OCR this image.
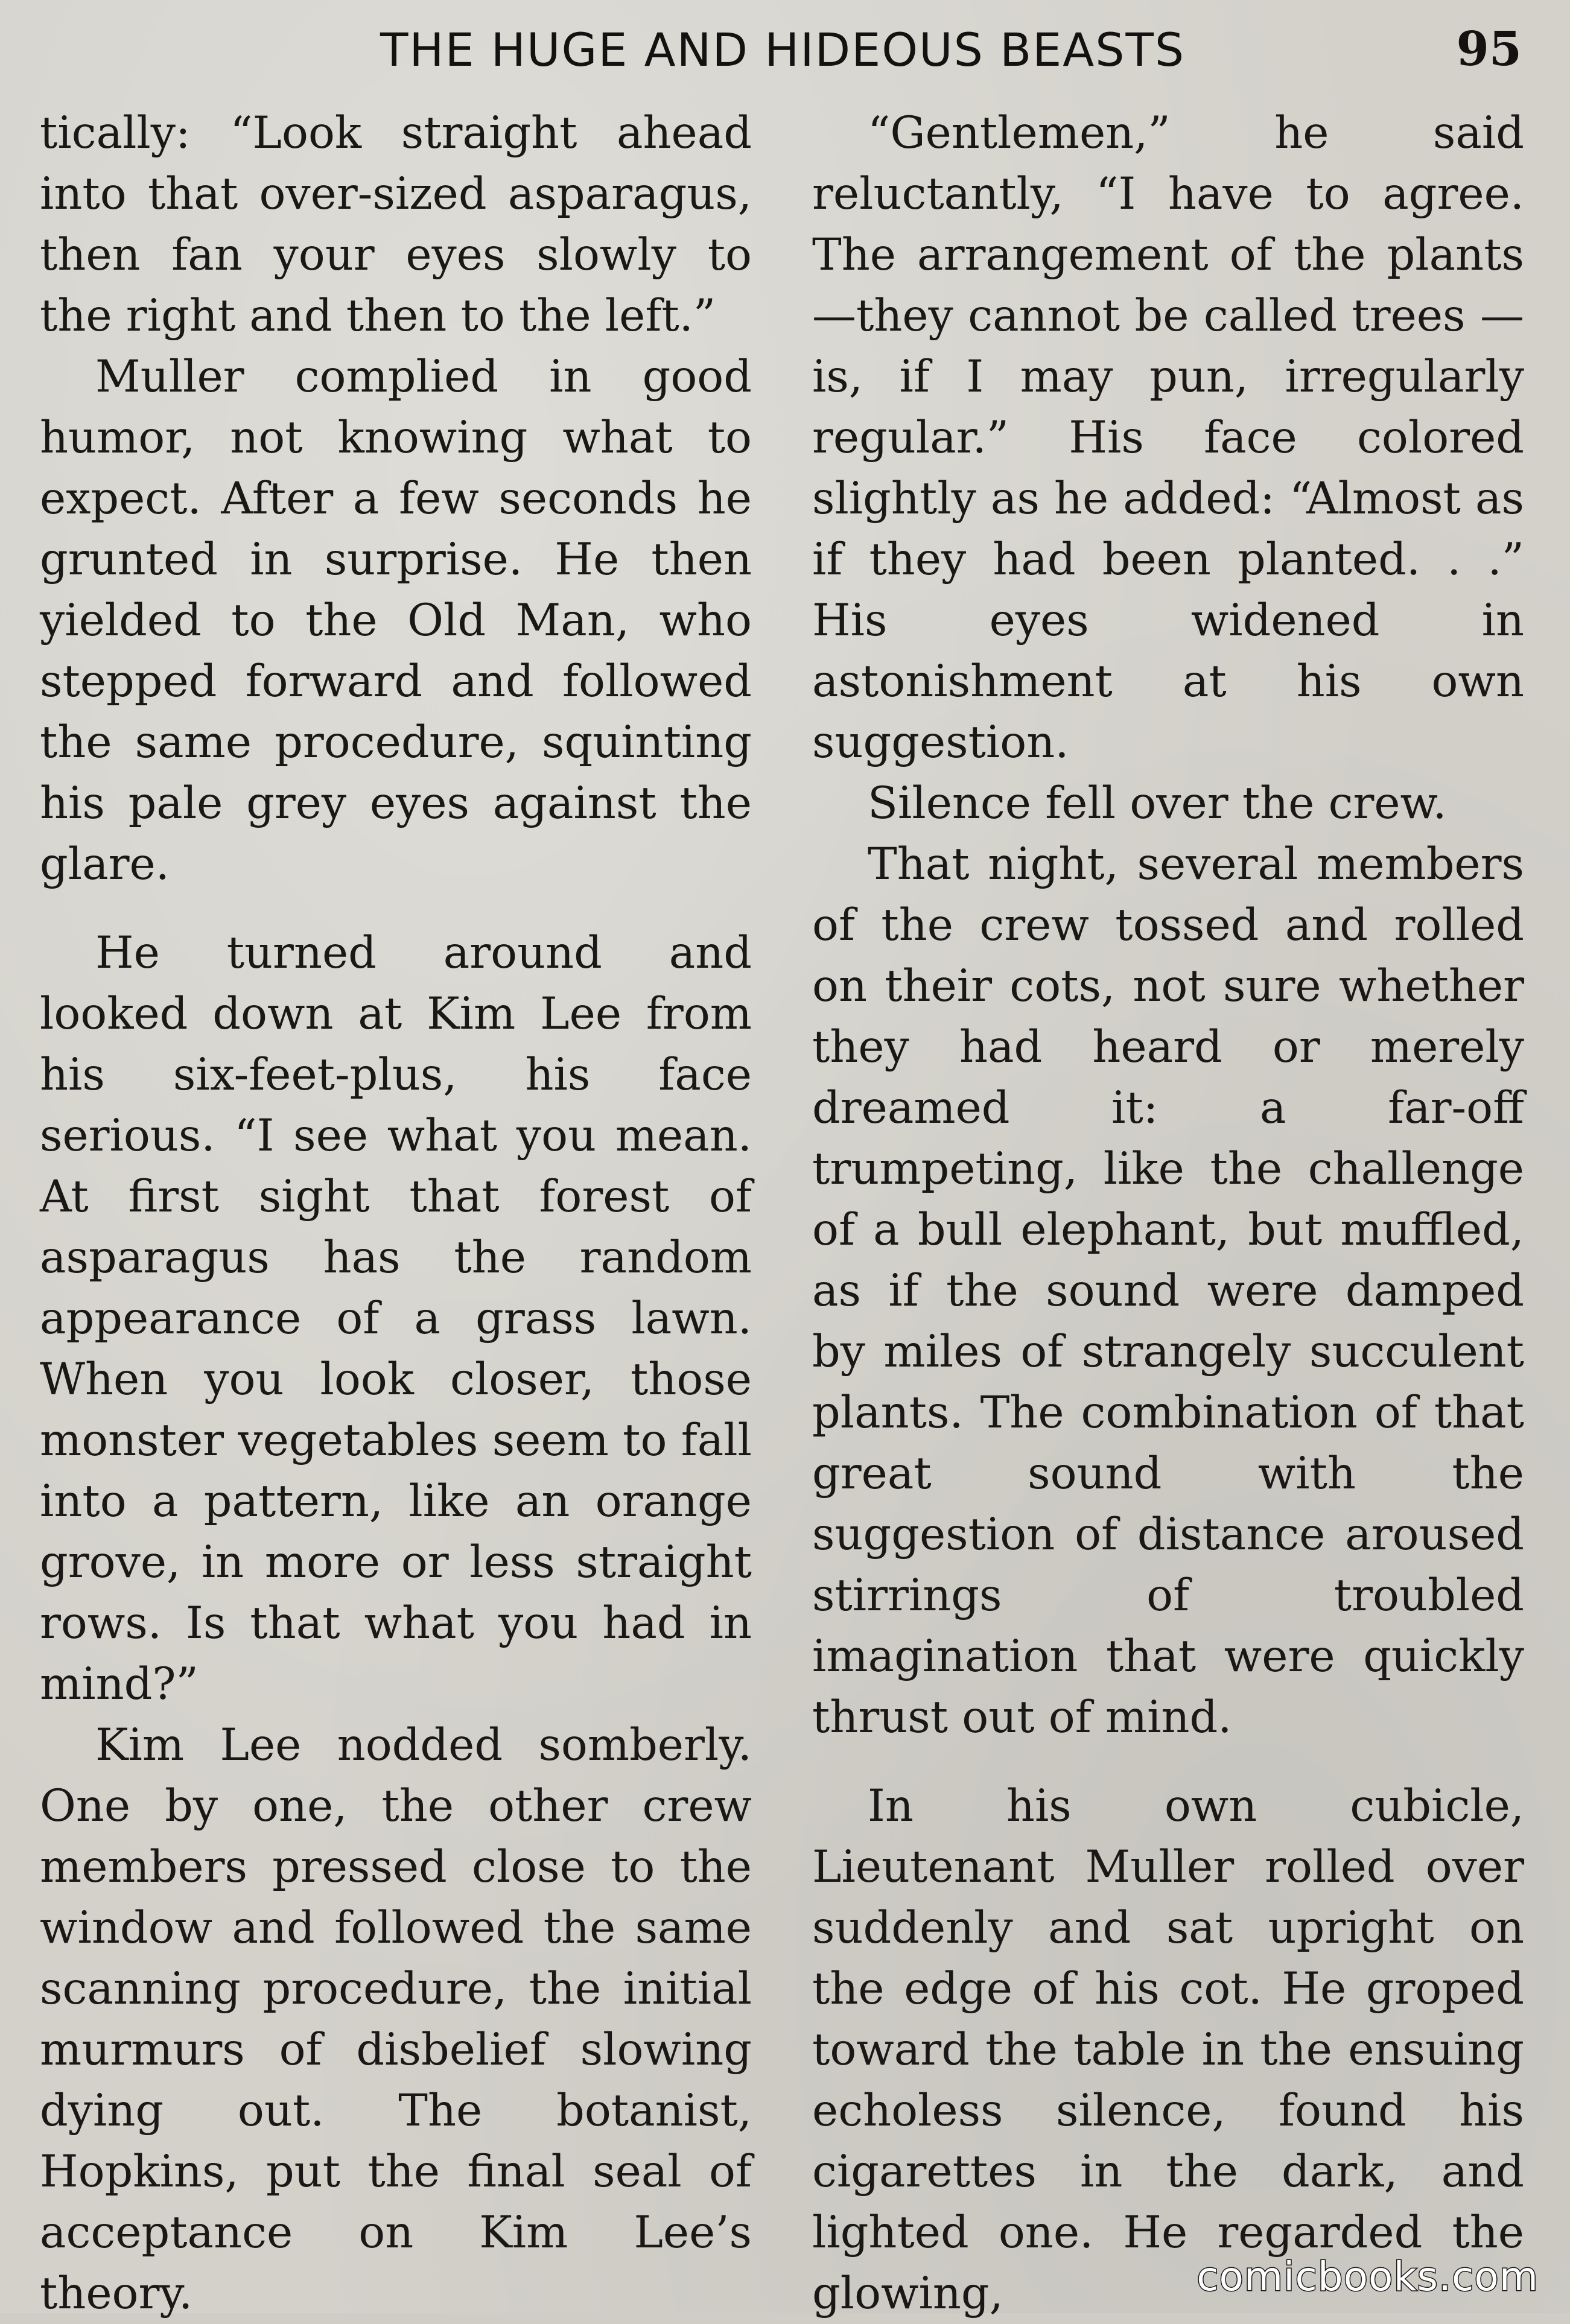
THE HUGE AND HIDEOUS BEASTS	95

tically: “Look straight ahead into that over-sized asparagus, then fan your eyes slowly to the right and then to the left.”

Muller complied in good humor, not knowing what to expect. After a few seconds he grunted in surprise. He then yielded to the Old Man, who stepped forward and followed the same procedure, squinting his pale grey eyes against the glare.

He turned around and looked down at Kim Lee from his six-feet-plus, his face serious. “I see what you mean. At first sight that forest of asparagus has the random appearance of a grass lawn. When you look closer, those monster vegetables seem to fall into a pattern, like an orange grove, in more or less straight rows. Is that what you had in mind?”

Kim Lee nodded somberly. One by one, the other crew members pressed close to the window and followed the same scanning procedure, the initial murmurs of disbelief slowing dying out. The botanist, Hopkins, put the final seal of acceptance on Kim Lee’s theory.

“Gentlemen,” he said reluctantly, “I have to agree. The arrangement of the plants —they cannot be called trees —is, if I may pun, irregularly regular.” His face colored slightly as he added: “Almost as if they had been planted. . .” His eyes widened in astonishment at his own suggestion.

Silence fell over the crew.

That night, several members of the crew tossed and rolled on their cots, not sure whether they had heard or merely dreamed it: a far-off trumpeting, like the challenge of a bull elephant, but muffled, as if the sound were damped by miles of strangely succulent plants. The combination of that great sound with the suggestion of distance aroused stirrings of troubled imagination that were quickly thrust out of mind.

In his own cubicle, Lieutenant Muller rolled over suddenly and sat upright on the edge of his cot. He groped toward the table in the ensuing echoless silence, found his cigarettes in the dark, and lighted one. He regarded the glowing,	comicbooks.com
